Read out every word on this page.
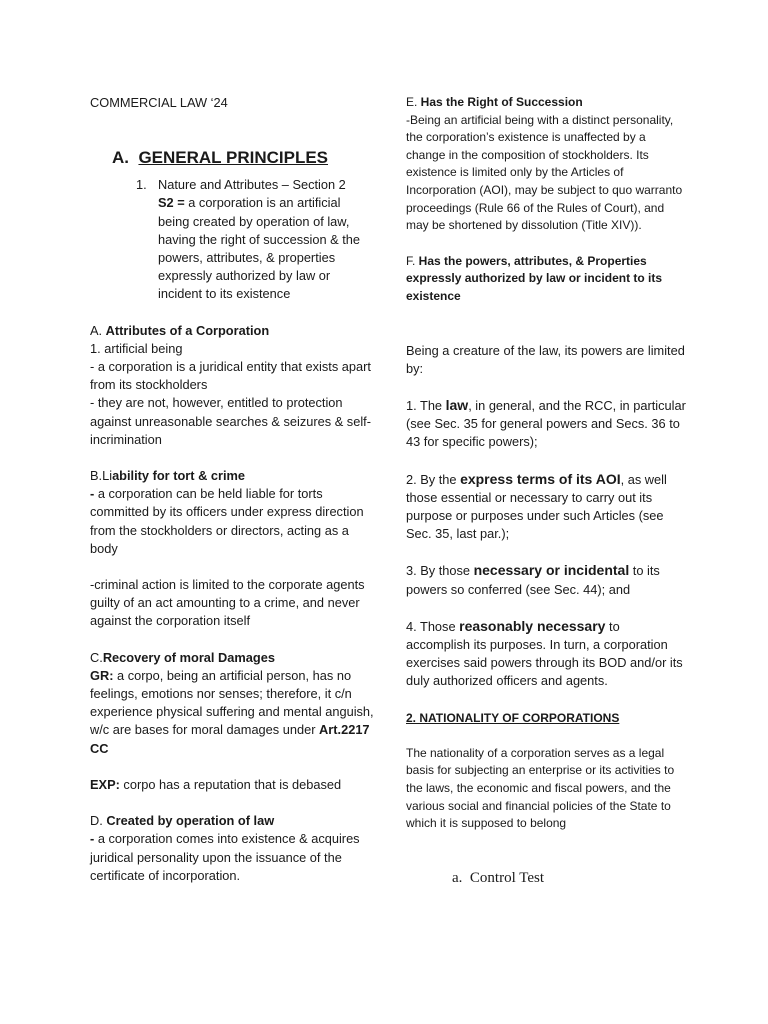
COMMERCIAL LAW ‘24

A. GENERAL PRINCIPLES
1. Nature and Attributes – Section 2

S2 = a corporation is an artificial being created by operation of law, having the right of succession & the powers, attributes, & properties expressly authorized by law or incident to its existence

A. Attributes of a Corporation

1. artificial being

- a corporation is a juridical entity that exists apart from its stockholders

- they are not, however, entitled to protection against unreasonable searches & seizures & self-incrimination

B.Liability for tort & crime

- a corporation can be held liable for torts committed by its officers under express direction from the stockholders or directors, acting as a body

-criminal action is limited to the corporate agents guilty of an act amounting to a crime, and never against the corporation itself

C.Recovery of moral Damages

GR: a corpo, being an artificial person, has no feelings, emotions nor senses; therefore, it c/n experience physical suffering and mental anguish, w/c are bases for moral damages under Art.2217 CC

EXP: corpo has a reputation that is debased

D. Created by operation of law

- a corporation comes into existence & acquires juridical personality upon the issuance of the certificate of incorporation.

E. Has the Right of Succession

-Being an artificial being with a distinct personality, the corporation’s existence is unaffected by a change in the composition of stockholders. Its existence is limited only by the Articles of Incorporation (AOI), may be subject to quo warranto proceedings (Rule 66 of the Rules of Court), and may be shortened by dissolution (Title XIV)).

F. Has the powers, attributes, & Properties expressly authorized by law or incident to its existence

Being a creature of the law, its powers are limited by:

1. The law, in general, and the RCC, in particular (see Sec. 35 for general powers and Secs. 36 to 43 for specific powers);

2. By the express terms of its AOI, as well those essential or necessary to carry out its purpose or purposes under such Articles (see Sec. 35, last par.);

3. By those necessary or incidental to its powers so conferred (see Sec. 44); and

4. Those reasonably necessary to accomplish its purposes. In turn, a corporation exercises said powers through its BOD and/or its duly authorized officers and agents.

2. NATIONALITY OF CORPORATIONS

The nationality of a corporation serves as a legal basis for subjecting an enterprise or its activities to the laws, the economic and fiscal powers, and the various social and financial policies of the State to which it is supposed to belong

a. Control Test
